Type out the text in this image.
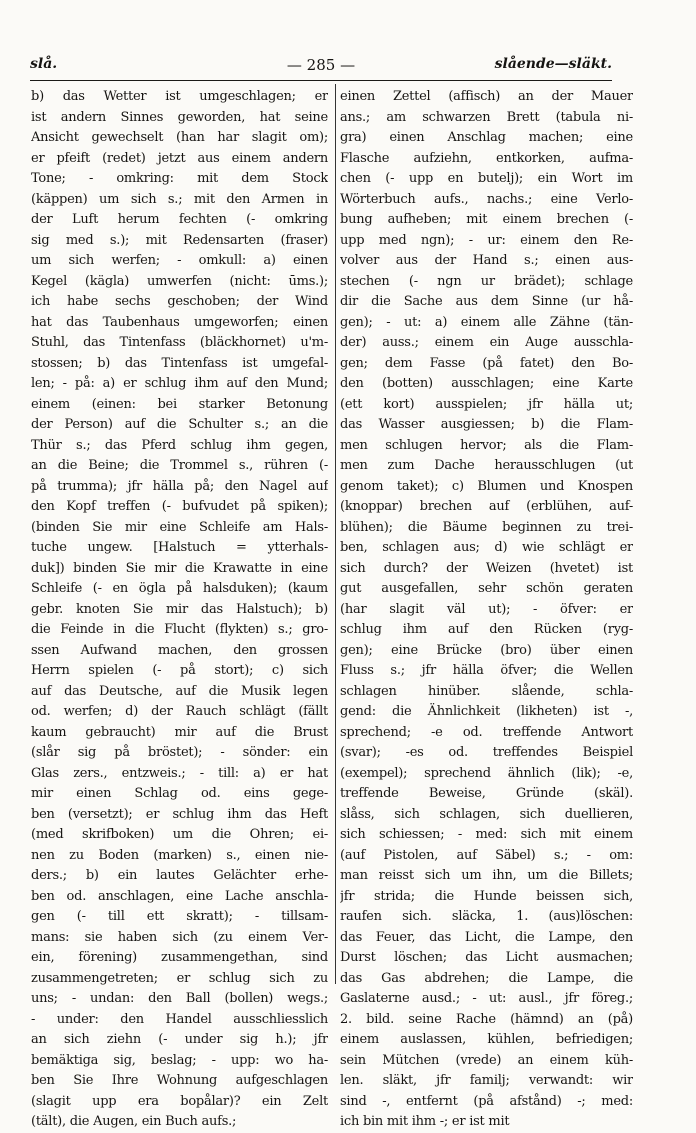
slå.	— 285 —	slående—släkt.
b) das Wetter ist umgeschlagen; er
ist andern Sinnes geworden, hat seine
Ansicht gewechselt (han har slagit om);
er pfeift (redet) jetzt aus einem andern
Tone; - omkring: mit dem Stock
(käppen) um sich s.; mit den Armen in
der Luft herum fechten (- omkring
sig med s.); mit Redensarten (fraser)
um sich werfen; - omkull: a) einen
Kegel (kägla) umwerfen (nicht: ūms.);
ich habe sechs geschoben; der Wind
hat das Taubenhaus umgeworfen; einen
Stuhl, das Tintenfass (bläckhornet) u'm-
stossen; b) das Tintenfass ist umgefal-
len; - på: a) er schlug ihm auf den Mund;
einem (einen: bei starker Betonung
der Person) auf die Schulter s.; an die
Thür s.; das Pferd schlug ihm gegen,
an die Beine; die Trommel s., rühren (-
på trumma); jfr hälla på; den Nagel auf
den Kopf treffen (- bufvudet på spiken);
(binden Sie mir eine Schleife am Hals-
tuche ungew. [Halstuch = ytterhals-
duk]) binden Sie mir die Krawatte in eine
Schleife (- en ögla på halsduken); (kaum
gebr. knoten Sie mir das Halstuch); b)
die Feinde in die Flucht (flykten) s.; gro-
ssen Aufwand machen, den grossen
Herrn spielen (- på stort); c) sich
auf das Deutsche, auf die Musik legen
od. werfen; d) der Rauch schlägt (fällt
kaum gebraucht) mir auf die Brust
(slår sig på bröstet); - sönder: ein
Glas zers., entzweis.; - till: a) er hat
mir einen Schlag od. eins gege-
ben (versetzt); er schlug ihm das Heft
(med skrifboken) um die Ohren; ei-
nen zu Boden (marken) s., einen nie-
ders.; b) ein lautes Gelächter erhe-
ben od. anschlagen, eine Lache anschla-
gen (- till ett skratt); - tillsam-
mans: sie haben sich (zu einem Ver-
ein, förening) zusammengethan, sind
zusammengetreten; er schlug sich zu
uns; - undan: den Ball (bollen) wegs.;
- under: den Handel ausschliesslich
an sich ziehn (- under sig h.); jfr
bemäktiga sig, beslag; - upp: wo ha-
ben Sie Ihre Wohnung aufgeschlagen
(slagit upp era bopålar)? ein Zelt
(tält), die Augen, ein Buch aufs.;
einen Zettel (affisch) an der Mauer
ans.; am schwarzen Brett (tabula ni-
gra) einen Anschlag machen; eine
Flasche aufziehn, entkorken, aufma-
chen (- upp en butelj); ein Wort im
Wörterbuch aufs., nachs.; eine Verlo-
bung aufheben; mit einem brechen (-
upp med ngn); - ur: einem den Re-
volver aus der Hand s.; einen aus-
stechen (- ngn ur brädet); schlage
dir die Sache aus dem Sinne (ur hå-
gen); - ut: a) einem alle Zähne (tän-
der) auss.; einem ein Auge ausschla-
gen; dem Fasse (på fatet) den Bo-
den (botten) ausschlagen; eine Karte
(ett kort) ausspielen; jfr hälla ut;
das Wasser ausgiessen; b) die Flam-
men schlugen hervor; als die Flam-
men zum Dache herausschlugen (ut
genom taket); c) Blumen und Knospen
(knoppar) brechen auf (erblühen, auf-
blühen); die Bäume beginnen zu trei-
ben, schlagen aus; d) wie schlägt er
sich durch? der Weizen (hvetet) ist
gut ausgefallen, sehr schön geraten
(har slagit väl ut); - öfver: er
schlug ihm auf den Rücken (ryg-
gen); eine Brücke (bro) über einen
Fluss s.; jfr hälla öfver; die Wellen
schlagen hinüber. slående, schla-
gend: die Ähnlichkeit (likheten) ist -,
sprechend; -e od. treffende Antwort
(svar); -es od. treffendes Beispiel
(exempel); sprechend ähnlich (lik); -e,
treffende Beweise, Gründe (skäl).
slåss, sich schlagen, sich duellieren,
sich schiessen; - med: sich mit einem
(auf Pistolen, auf Säbel) s.; - om:
man reisst sich um ihn, um die Billets;
jfr strida; die Hunde beissen sich,
raufen sich. släcka, 1. (aus)löschen:
das Feuer, das Licht, die Lampe, den
Durst löschen; das Licht ausmachen;
das Gas abdrehen; die Lampe, die
Gaslaterne ausd.; - ut: ausl., jfr föreg.;
2. bild. seine Rache (hämnd) an (på)
einem auslassen, kühlen, befriedigen;
sein Mütchen (vrede) an einem küh-
len. släkt, jfr familj; verwandt: wir
sind -, entfernt (på afstånd) -; med:
ich bin mit ihm -; er ist mit
